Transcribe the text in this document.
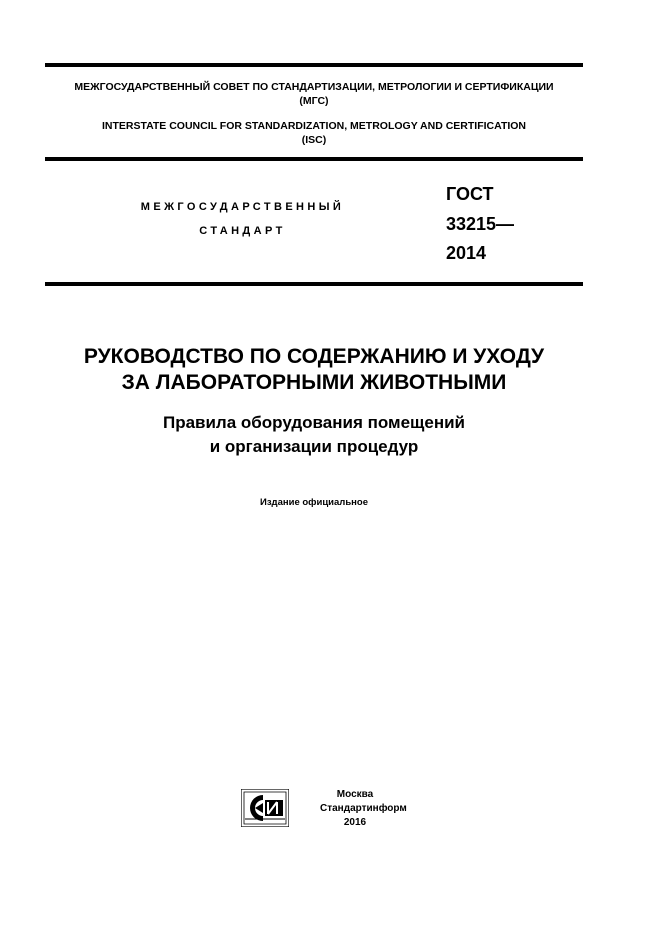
МЕЖГОСУДАРСТВЕННЫЙ СОВЕТ ПО СТАНДАРТИЗАЦИИ, МЕТРОЛОГИИ И СЕРТИФИКАЦИИ
(МГС)
INTERSTATE COUNCIL FOR STANDARDIZATION, METROLOGY AND CERTIFICATION
(ISC)
МЕЖГОСУДАРСТВЕННЫЙ
СТАНДАРТ
ГОСТ
33215—
2014
РУКОВОДСТВО ПО СОДЕРЖАНИЮ И УХОДУ
ЗА ЛАБОРАТОРНЫМИ ЖИВОТНЫМИ
Правила оборудования помещений
и организации процедур
Издание официальное
Москва
Стандартинформ
2016
